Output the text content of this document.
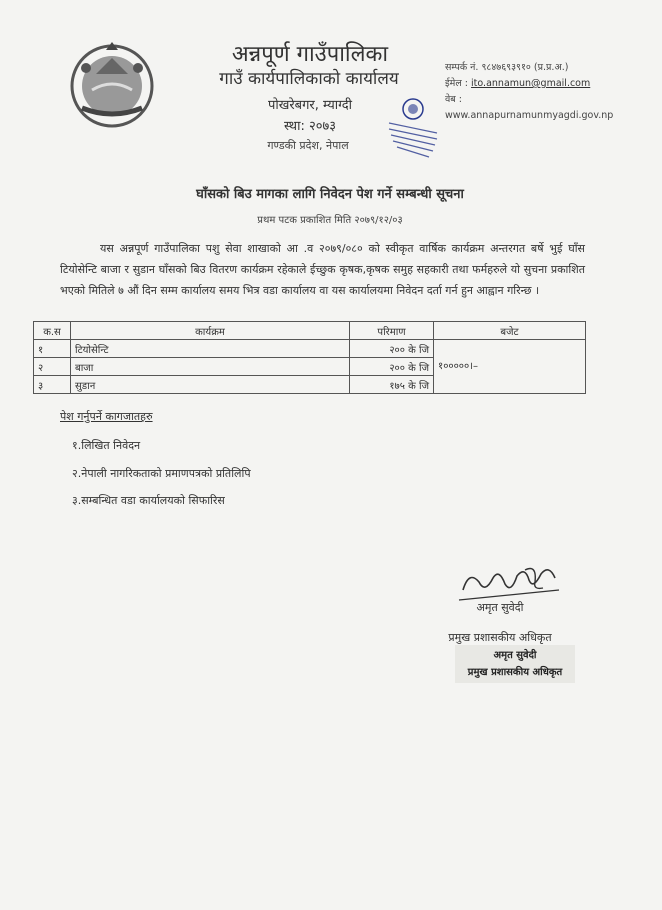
अन्नपूर्ण गाउँपालिका
गाउँ कार्यपालिकाको कार्यालय
पोखरेबगर, म्याग्दी
स्था: २०७३
गण्डकी प्रदेश, नेपाल
सम्पर्क नं. ९८४७६९३९१० (प्र.प्र.अ.)
ईमेल : ito.annamun@gmail.com
वेब :
www.annapurnamunmyagdi.gov.np
घाँसको बिउ मागका लागि निवेदन पेश गर्ने सम्बन्धी सूचना
प्रथम पटक प्रकाशित मिति २०७९/१२/०३
यस अन्नपूर्ण गाउँपालिका पशु सेवा शाखाको आ .व २०७९/०८० को स्वीकृत वार्षिक कार्यक्रम अन्तरगत बर्षे भुई घाँस टियोसेन्टि बाजा र सुडान घाँसको बिउ वितरण कार्यक्रम रहेकाले ईच्छुक कृषक,कृषक समुह सहकारी तथा फर्महरुले यो सुचना प्रकाशित भएको मितिले ७ औं दिन सम्म कार्यालय समय भित्र वडा कार्यालय वा यस कार्यालयमा निवेदन दर्ता गर्न हुन आह्वान गरिन्छ ।
क.स	कार्यक्रम	परिमाण	बजेट
१	टियोसेन्टि	२०० के जि	१०००००।–
२	बाजा	२०० के जि	
३	सुडान	१७५ के जि	
पेश गर्नुपर्ने कागजातहरु
१.लिखित निवेदन
२.नेपाली नागरिकताको प्रमाणपत्रको प्रतिलिपि
३.सम्बन्धित वडा कार्यालयको सिफारिस
अमृत सुवेदी
प्रमुख प्रशासकीय अधिकृत
अमृत सुवेदी
प्रमुख प्रशासकीय अधिकृत
